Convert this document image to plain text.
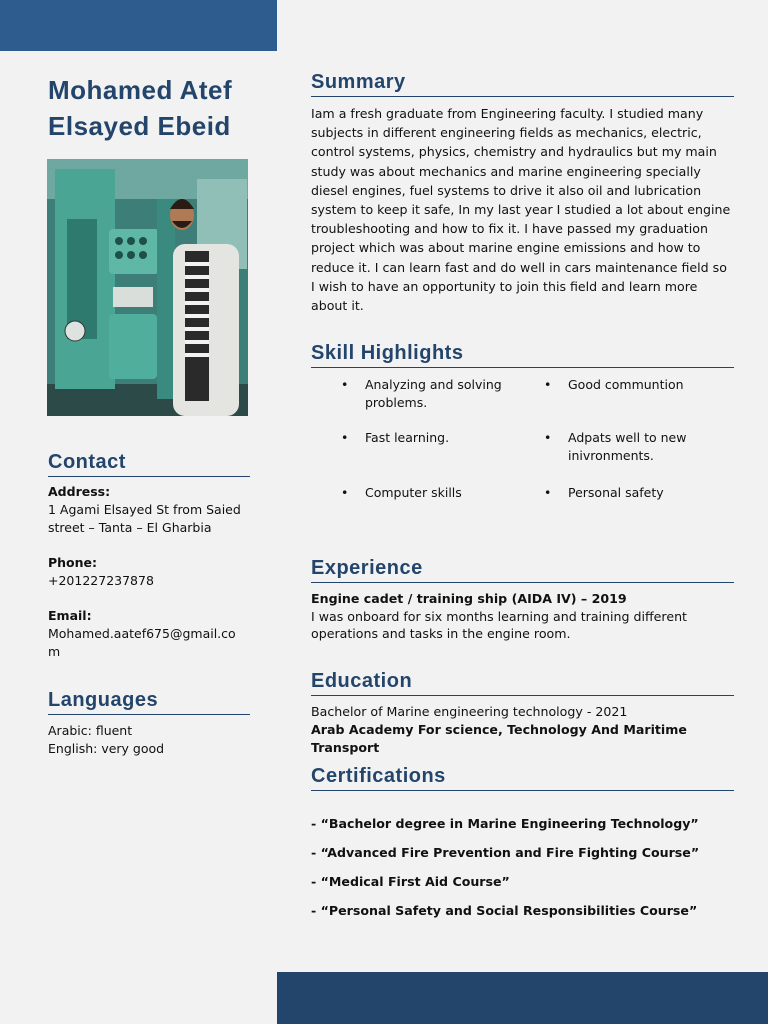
Mohamed Atef
Elsayed Ebeid
Contact
Address:
1 Agami Elsayed St from Saied
street – Tanta – El Gharbia
Phone:
+201227237878
Email:
Mohamed.aatef675@gmail.co
m
Languages
Arabic: fluent
English: very good
Summary
Iam a fresh graduate from Engineering faculty. I studied many subjects in different engineering fields as mechanics, electric, control systems, physics, chemistry and hydraulics but my main study was about mechanics and marine engineering specially diesel engines, fuel systems to drive it also oil and lubrication system to keep it safe, In my last year I studied a lot about engine troubleshooting and how to fix it. I have passed my graduation project which was about marine engine emissions and how to reduce it. I can learn fast and do well in cars maintenance field so I wish to have an opportunity to join this field and learn more about it.
Skill Highlights
• Analyzing and solving problems.
• Good communtion
• Fast learning.	• Adpats well to new inivronments.
• Computer skills	• Personal safety
Experience
Engine cadet / training ship (AIDA IV) – 2019
I was onboard for six months learning and training different operations and tasks in the engine room.
Education
Bachelor of Marine engineering technology - 2021
Arab Academy For science, Technology And Maritime Transport
Certifications
- “Bachelor degree in Marine Engineering Technology”
- “Advanced Fire Prevention and Fire Fighting Course”
- “Medical First Aid Course”
- “Personal Safety and Social Responsibilities Course”
